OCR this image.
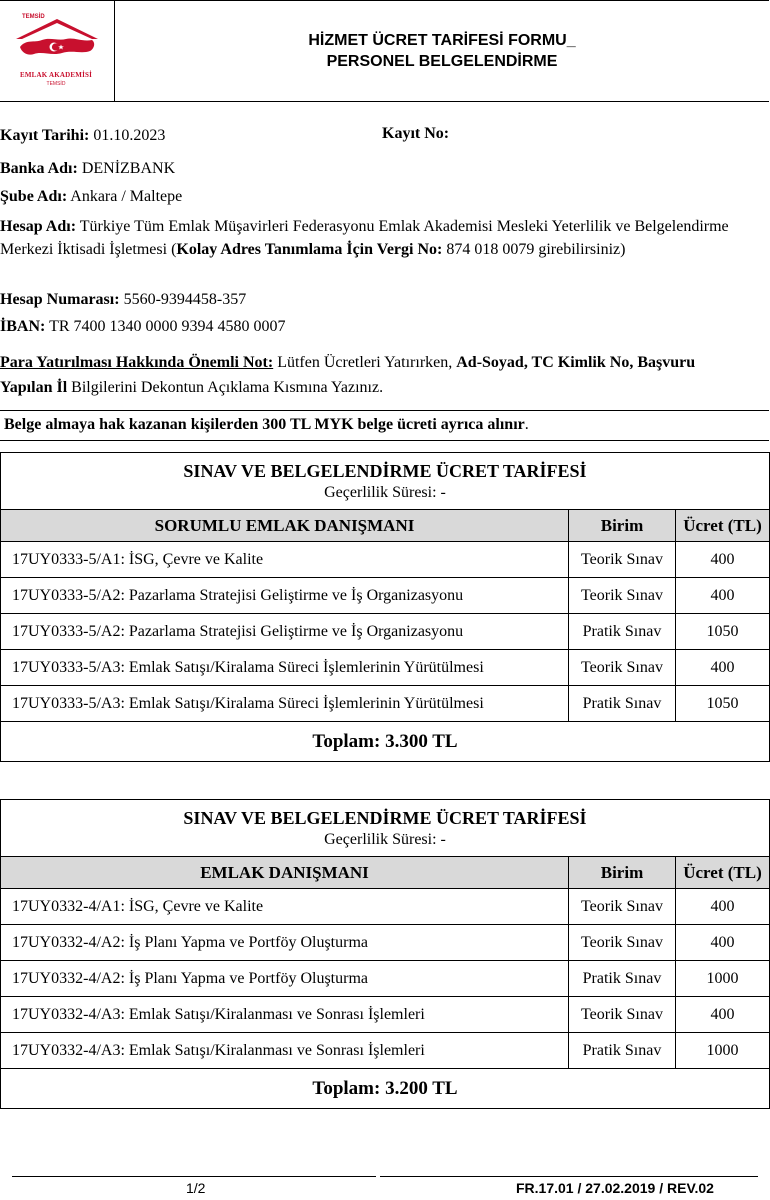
TEMSİD
EMLAK AKADEMİSİ
TEMSİD
HİZMET ÜCRET TARİFESİ FORMU_
PERSONEL BELGELENDİRME
Kayıt Tarihi: 01.10.2023	Kayıt No:
Banka Adı: DENİZBANK
Şube Adı: Ankara / Maltepe
Hesap Adı: Türkiye Tüm Emlak Müşavirleri Federasyonu Emlak Akademisi Mesleki Yeterlilik ve Belgelendirme Merkezi İktisadi İşletmesi (Kolay Adres Tanımlama İçin Vergi No: 874 018 0079 girebilirsiniz)
Hesap Numarası: 5560-9394458-357
İBAN: TR 7400 1340 0000 9394 4580 0007
Para Yatırılması Hakkında Önemli Not: Lütfen Ücretleri Yatırırken, Ad-Soyad, TC Kimlik No, Başvuru Yapılan İl Bilgilerini Dekontun Açıklama Kısmına Yazınız.
Belge almaya hak kazanan kişilerden 300 TL MYK belge ücreti ayrıca alınır.
SINAV VE BELGELENDİRME ÜCRET TARİFESİ
Geçerlilik Süresi: -		

SORUMLU EMLAK DANIŞMANI	Birim	Ücret (TL)
17UY0333-5/A1: İSG, Çevre ve Kalite	Teorik Sınav	400
17UY0333-5/A2: Pazarlama Stratejisi Geliştirme ve İş Organizasyonu	Teorik Sınav	400
17UY0333-5/A2: Pazarlama Stratejisi Geliştirme ve İş Organizasyonu	Pratik Sınav	1050
17UY0333-5/A3: Emlak Satışı/Kiralama Süreci İşlemlerinin Yürütülmesi	Teorik Sınav	400
17UY0333-5/A3: Emlak Satışı/Kiralama Süreci İşlemlerinin Yürütülmesi	Pratik Sınav	1050
Toplam: 3.300 TL		
SINAV VE BELGELENDİRME ÜCRET TARİFESİ
Geçerlilik Süresi: -		

EMLAK DANIŞMANI	Birim	Ücret (TL)
17UY0332-4/A1: İSG, Çevre ve Kalite	Teorik Sınav	400
17UY0332-4/A2: İş Planı Yapma ve Portföy Oluşturma	Teorik Sınav	400
17UY0332-4/A2: İş Planı Yapma ve Portföy Oluşturma	Pratik Sınav	1000
17UY0332-4/A3: Emlak Satışı/Kiralanması ve Sonrası İşlemleri	Teorik Sınav	400
17UY0332-4/A3: Emlak Satışı/Kiralanması ve Sonrası İşlemleri	Pratik Sınav	1000
Toplam: 3.200 TL		
1/2	FR.17.01 / 27.02.2019 / REV.02
